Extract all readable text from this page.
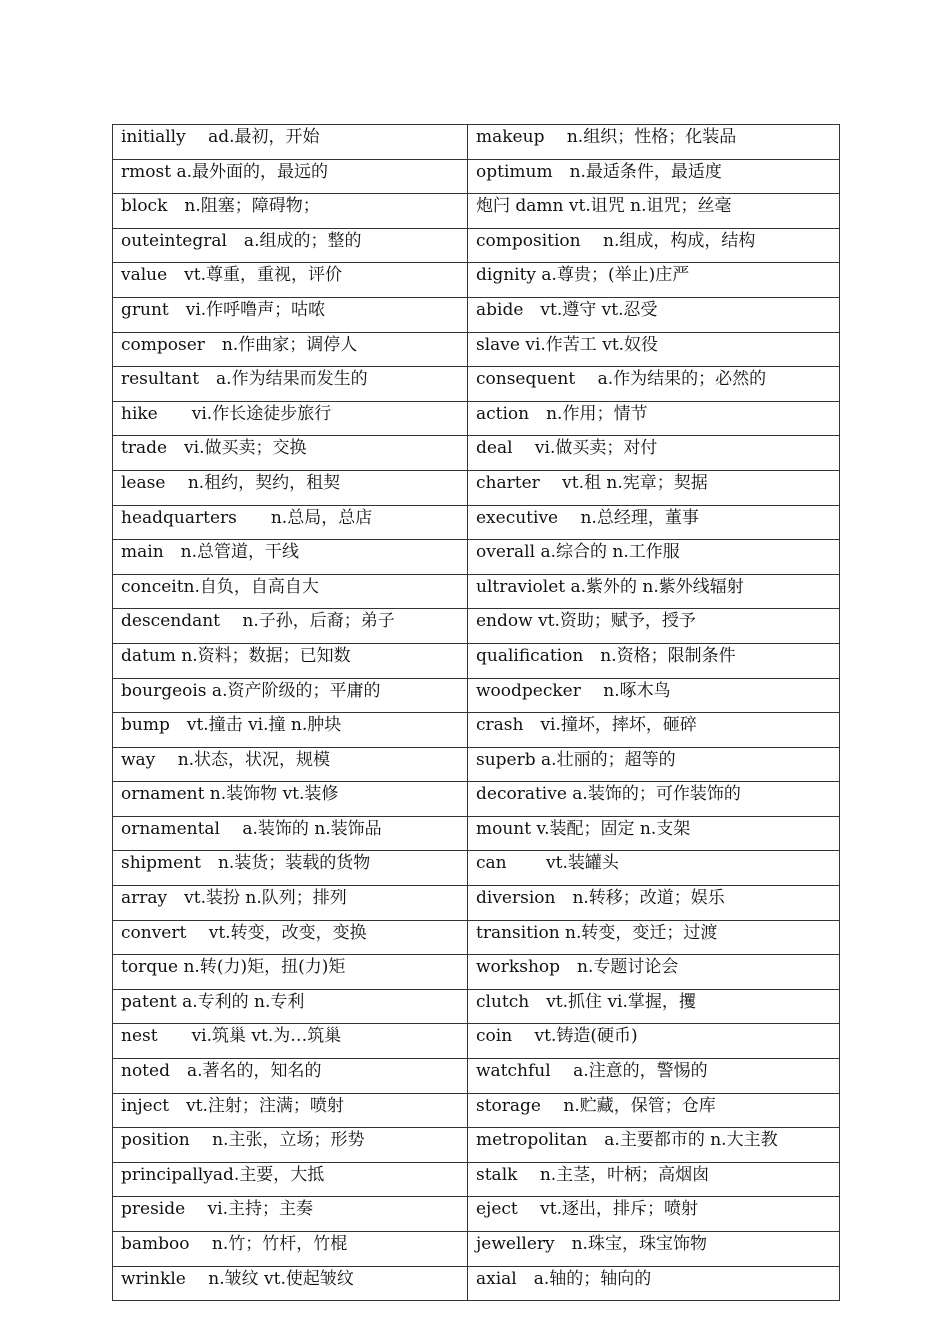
initially  ad.最初，开始	makeup  n.组织；性格；化装品
rmost a.最外面的，最远的	optimum n.最适条件，最适度
block n.阻塞；障碍物；	炮闩 damn vt.诅咒 n.诅咒；丝毫
outeintegral a.组成的；整的	composition  n.组成，构成，结构
value vt.尊重，重视，评价	dignity a.尊贵；(举止)庄严
grunt vi.作呼噜声；咕哝	abide vt.遵守 vt.忍受
composer n.作曲家；调停人	slave vi.作苦工 vt.奴役
resultant a.作为结果而发生的	consequent  a.作为结果的；必然的
hike  vi.作长途徒步旅行	action n.作用；情节
trade vi.做买卖；交换	deal  vi.做买卖；对付
lease  n.租约，契约，租契	charter  vt.租 n.宪章；契据
headquarters  n.总局，总店	executive  n.总经理，董事
main n.总管道，干线	overall a.综合的 n.工作服
conceitn.自负，自高自大	ultraviolet a.紫外的 n.紫外线辐射
descendant  n.子孙，后裔；弟子	endow vt.资助；赋予，授予
datum n.资料；数据；已知数	qualification n.资格；限制条件
bourgeois a.资产阶级的；平庸的	woodpecker  n.啄木鸟
bump vt.撞击 vi.撞 n.肿块	crash vi.撞坏，摔坏，砸碎
way  n.状态，状况，规模	superb a.壮丽的；超等的
ornament n.装饰物 vt.装修	decorative a.装饰的；可作装饰的
ornamental  a.装饰的 n.装饰品	mount v.装配；固定 n.支架
shipment n.装货；装载的货物	can   vt.装罐头
array vt.装扮 n.队列；排列	diversion n.转移；改道；娱乐
convert  vt.转变，改变，变换	transition n.转变，变迁；过渡
torque n.转(力)矩，扭(力)矩	workshop n.专题讨论会
patent a.专利的 n.专利	clutch vt.抓住 vi.掌握，攫
nest  vi.筑巢 vt.为…筑巢	coin  vt.铸造(硬币)
noted a.著名的，知名的	watchful  a.注意的，警惕的
inject vt.注射；注满；喷射	storage  n.贮藏，保管；仓库
position  n.主张，立场；形势	metropolitan a.主要都市的 n.大主教
principallyad.主要，大抵	stalk  n.主茎，叶柄；高烟囱
preside  vi.主持；主奏	eject  vt.逐出，排斥；喷射
bamboo  n.竹；竹杆，竹棍	jewellery n.珠宝，珠宝饰物
wrinkle  n.皱纹 vt.使起皱纹	axial a.轴的；轴向的
